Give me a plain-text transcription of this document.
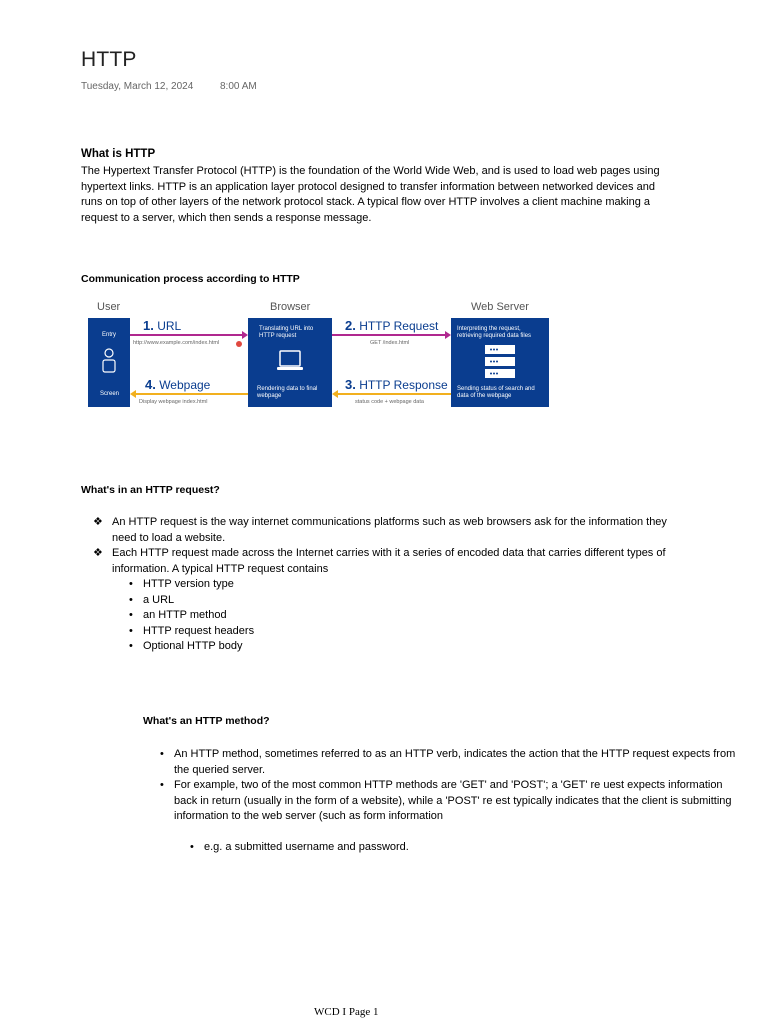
HTTP
Tuesday, March 12, 2024	8:00 AM
What is HTTP
The Hypertext Transfer Protocol (HTTP) is the foundation of the World Wide Web, and is used to load web pages using
hypertext links. HTTP is an application layer protocol designed to transfer information between networked devices and
runs on top of other layers of the network protocol stack. A typical flow over HTTP involves a client machine making a
request to a server, which then sends a response message.
Communication process according to HTTP
User	Browser	Web Server
Entry
Screen
Translating URL into HTTP request
Rendering data to final webpage
Interpreting the request, retrieving required data files
Sending status of search and data of the webpage
1. URL
http://www.example.com/index.html
2. HTTP Request
GET /index.html
3. HTTP Response
status code + webpage data
4. Webpage
Display webpage index.html
What's in an HTTP request?
❖ An HTTP request is the way internet communications platforms such as web browsers ask for the information they
need to load a website.
❖ Each HTTP request made across the Internet carries with it a series of encoded data that carries different types of
information. A typical HTTP request contains
• HTTP version type
• a URL
• an HTTP method
• HTTP request headers
• Optional HTTP body
What's an HTTP method?
• An HTTP method, sometimes referred to as an HTTP verb, indicates the action that the HTTP request expects from
the queried server.
• For example, two of the most common HTTP methods are 'GET' and 'POST'; a 'GET' re uest expects information
back in return (usually in the form of a website), while a 'POST' re est typically indicates that the client is submitting
information to the web server (such as form information
• e.g. a submitted username and password.
WCD I Page 1
